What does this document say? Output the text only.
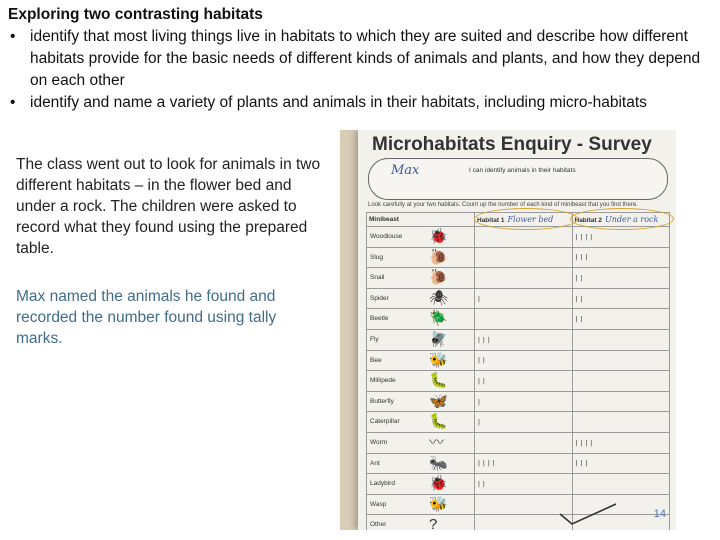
Exploring two contrasting habitats
• identify that most living things live in habitats to which they are suited and describe how different habitats provide for the basic needs of different kinds of animals and plants, and how they depend on each other
• identify and name a variety of plants and animals in their habitats, including micro-habitats
The class went out to look for animals in two different habitats – in the flower bed and under a rock. The children were asked to record what they found using the prepared table.
Max named the animals he found and recorded the number found using tally marks.
Microhabitats Enquiry - Survey
Max	I can identify animals in their habitats
Look carefully at your two habitats. Count up the number of each kind of minibeast that you find there.
Minibeast	Habitat 1 Flower bed	Habitat 2 Under a rock

Woodlouse 🐞		||||

Slug 🐌		|||

Snail 🐌		||

Spider 🕷	|	||

Beetle 🪲		||

Fly 🪰	|||	

Bee 🐝	||	

Millipede 🐛	||	

Butterfly 🦋	|	

Caterpillar 🐛	|	

Worm 〰		||||

Ant 🐜	||||	|||

Ladybird 🐞	||	

Wasp 🐝		

Other ?		

14
